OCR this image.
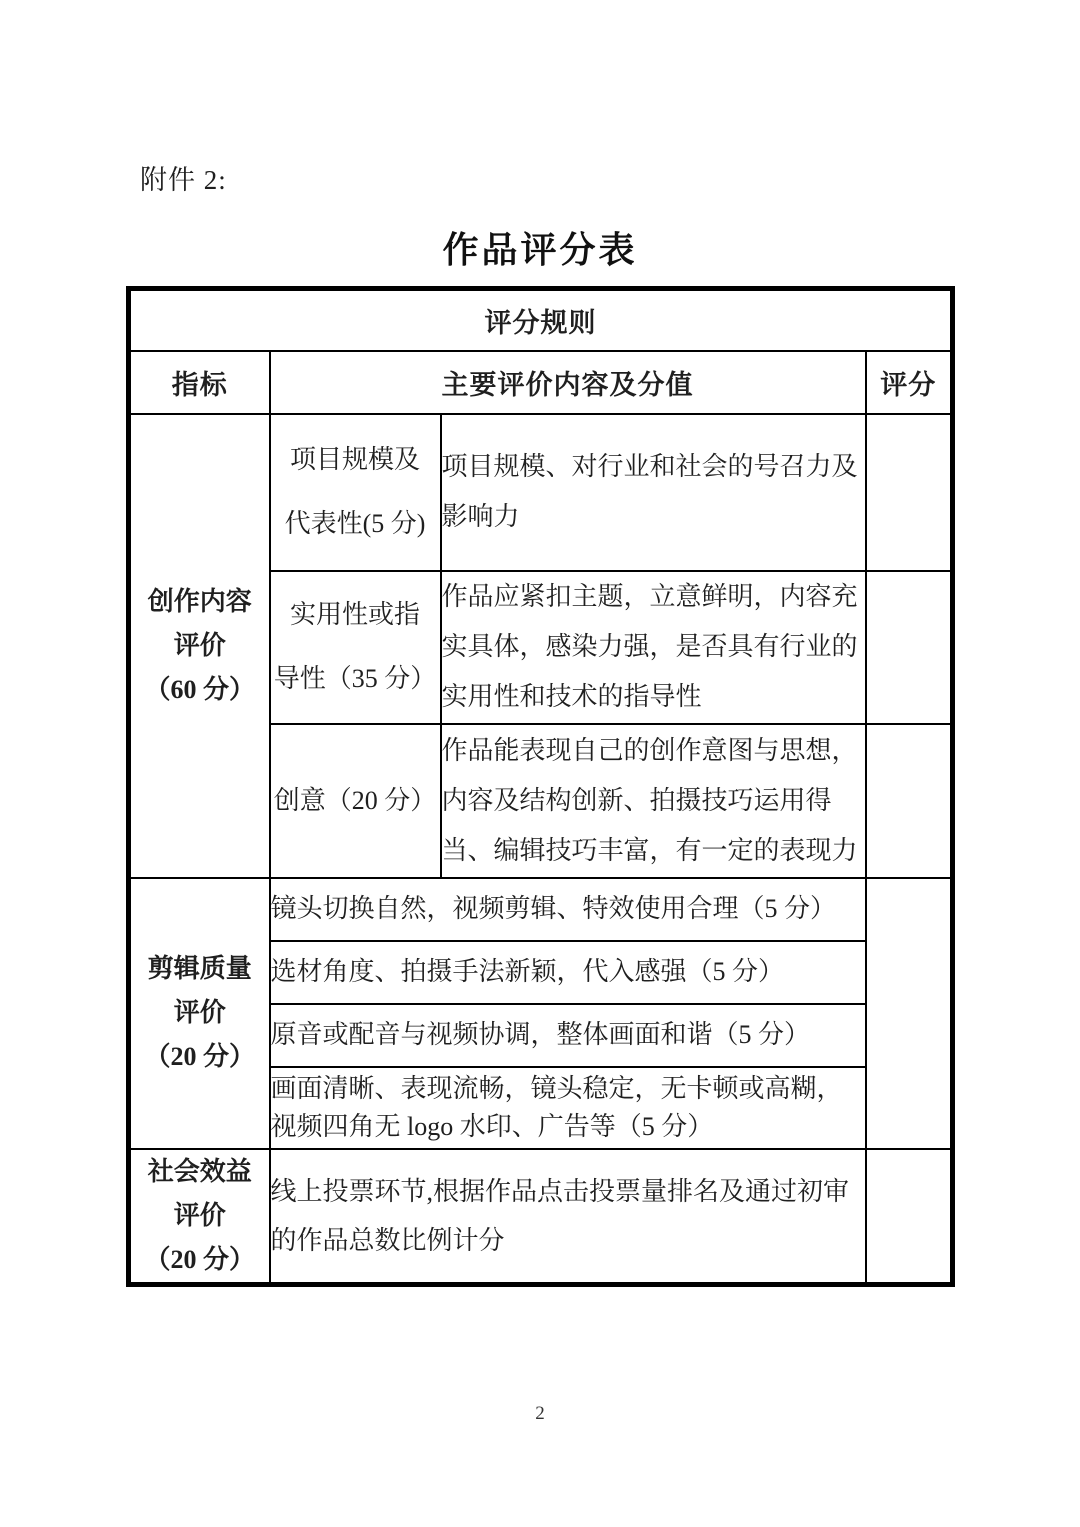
附件 2:
作品评分表
评分规则			
指标	主要评价内容及分值		评分

创作内容
评价
（60 分）

项目规模及
代表性(5 分)
	项目规模、对行业和社会的号召力及影响力	

	实用性或指
导性（35 分）	作品应紧扣主题，立意鲜明，内容充实具体，感染力强，是否具有行业的实用性和技术的指导性	

	创意（20 分）	作品能表现自己的创作意图与思想，内容及结构创新、拍摄技巧运用得当、编辑技巧丰富，有一定的表现力	

剪辑质量
评价
（20 分）	镜头切换自然，视频剪辑、特效使用合理（5 分）		
	选材角度、拍摄手法新颖，代入感强（5 分）		
	原音或配音与视频协调，整体画面和谐（5 分）		
	画面清晰、表现流畅，镜头稳定，无卡顿或高糊，视频四角无 logo 水印、广告等（5 分）		

社会效益
评价
（20 分）	线上投票环节,根据作品点击投票量排名及通过初审的作品总数比例计分		
2
